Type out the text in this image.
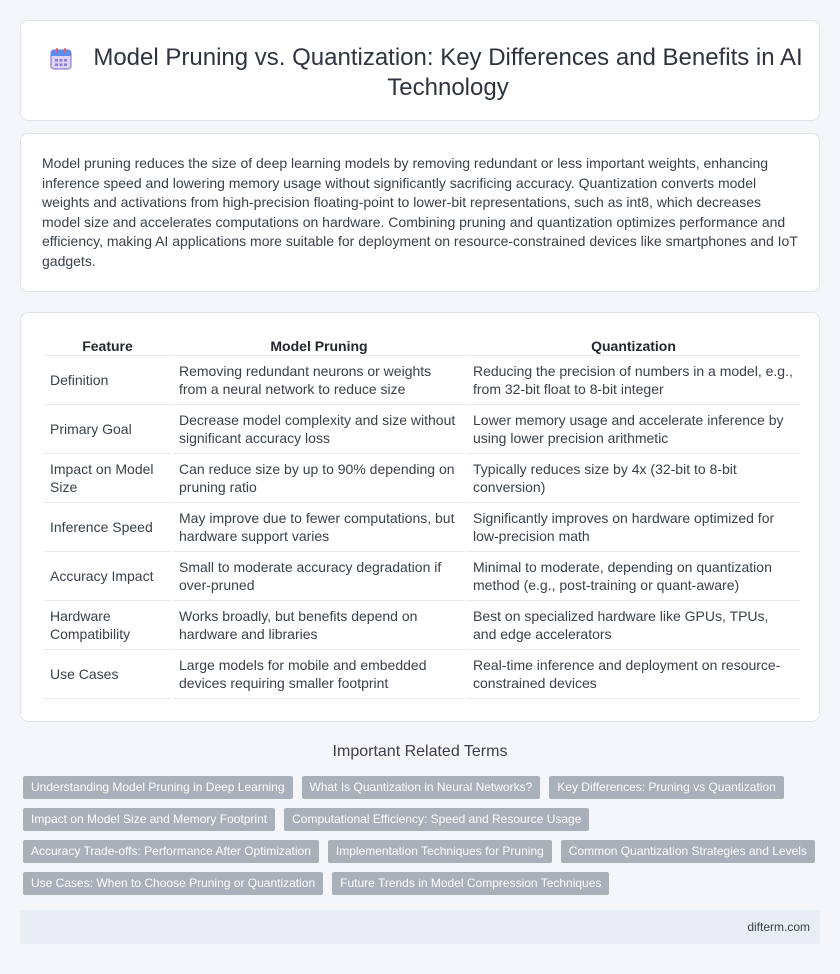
Model Pruning vs. Quantization: Key Differences and Benefits in AI Technology

Model pruning reduces the size of deep learning models by removing redundant or less important weights, enhancing inference speed and lowering memory usage without significantly sacrificing accuracy. Quantization converts model weights and activations from high-precision floating-point to lower-bit representations, such as int8, which decreases model size and accelerates computations on hardware. Combining pruning and quantization optimizes performance and efficiency, making AI applications more suitable for deployment on resource-constrained devices like smartphones and IoT gadgets.

Feature	Model Pruning	Quantization
Definition	Removing redundant neurons or weights from a neural network to reduce size	Reducing the precision of numbers in a model, e.g., from 32-bit float to 8-bit integer
Primary Goal	Decrease model complexity and size without significant accuracy loss	Lower memory usage and accelerate inference by using lower precision arithmetic
Impact on Model Size	Can reduce size by up to 90% depending on pruning ratio	Typically reduces size by 4x (32-bit to 8-bit conversion)
Inference Speed	May improve due to fewer computations, but hardware support varies	Significantly improves on hardware optimized for low-precision math
Accuracy Impact	Small to moderate accuracy degradation if over-pruned	Minimal to moderate, depending on quantization method (e.g., post-training or quant-aware)
Hardware Compatibility	Works broadly, but benefits depend on hardware and libraries	Best on specialized hardware like GPUs, TPUs, and edge accelerators
Use Cases	Large models for mobile and embedded devices requiring smaller footprint	Real-time inference and deployment on resource-constrained devices
Important Related Terms
Understanding Model Pruning in Deep Learning	What Is Quantization in Neural Networks?	Key Differences: Pruning vs Quantization
Impact on Model Size and Memory Footprint	Computational Efficiency: Speed and Resource Usage
Accuracy Trade-offs: Performance After Optimization	Implementation Techniques for Pruning	Common Quantization Strategies and Levels
Use Cases: When to Choose Pruning or Quantization	Future Trends in Model Compression Techniques
difterm.com
